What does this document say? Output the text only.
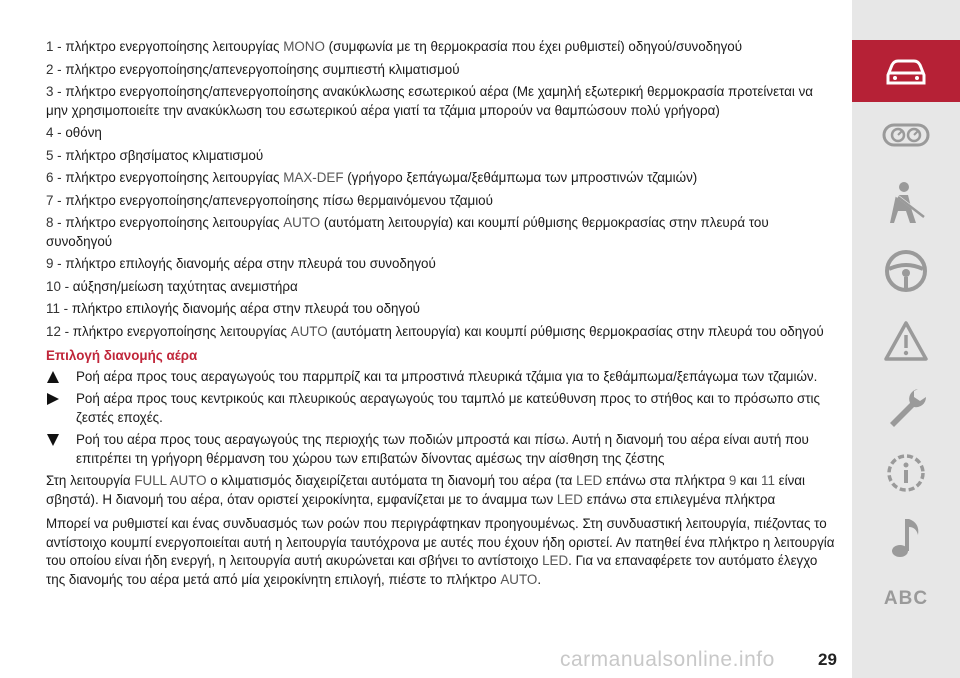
1 - πλήκτρο ενεργοποίησης λειτουργίας MONO (συμφωνία με τη θερμοκρασία που έχει ρυθμιστεί) οδηγού/συνοδηγού
2 - πλήκτρο ενεργοποίησης/απενεργοποίησης συμπιεστή κλιματισμού
3 - πλήκτρο ενεργοποίησης/απενεργοποίησης ανακύκλωσης εσωτερικού αέρα (Με χαμηλή εξωτερική θερμοκρασία προτείνεται να μην χρησιμοποιείτε την ανακύκλωση του εσωτερικού αέρα γιατί τα τζάμια μπορούν να θαμπώσουν πολύ γρήγορα)
4 - οθόνη
5 - πλήκτρο σβησίματος κλιματισμού
6 - πλήκτρο ενεργοποίησης λειτουργίας MAX-DEF (γρήγορο ξεπάγωμα/ξεθάμπωμα των μπροστινών τζαμιών)
7 - πλήκτρο ενεργοποίησης/απενεργοποίησης πίσω θερμαινόμενου τζαμιού
8 - πλήκτρο ενεργοποίησης λειτουργίας AUTO (αυτόματη λειτουργία) και κουμπί ρύθμισης θερμοκρασίας στην πλευρά του συνοδηγού
9 - πλήκτρο επιλογής διανομής αέρα στην πλευρά του συνοδηγού
10 - αύξηση/μείωση ταχύτητας ανεμιστήρα
11 - πλήκτρο επιλογής διανομής αέρα στην πλευρά του οδηγού
12 - πλήκτρο ενεργοποίησης λειτουργίας AUTO (αυτόματη λειτουργία) και κουμπί ρύθμισης θερμοκρασίας στην πλευρά του οδηγού
Επιλογή διανομής αέρα
Ροή αέρα προς τους αεραγωγούς του παρμπρίζ και τα μπροστινά πλευρικά τζάμια για το ξεθάμπωμα/ξεπάγωμα των τζαμιών.
Ροή αέρα προς τους κεντρικούς και πλευρικούς αεραγωγούς του ταμπλό με κατεύθυνση προς το στήθος και το πρόσωπο στις ζεστές εποχές.
Ροή του αέρα προς τους αεραγωγούς της περιοχής των ποδιών μπροστά και πίσω. Αυτή η διανομή του αέρα είναι αυτή που επιτρέπει τη γρήγορη θέρμανση του χώρου των επιβατών δίνοντας αμέσως την αίσθηση της ζέστης

Στη λειτουργία FULL AUTO ο κλιματισμός διαχειρίζεται αυτόματα τη διανομή του αέρα (τα LED επάνω στα πλήκτρα 9 και 11 είναι σβηστά). Η διανομή του αέρα, όταν οριστεί χειροκίνητα, εμφανίζεται με το άναμμα των LED επάνω στα επιλεγμένα πλήκτρα

Μπορεί να ρυθμιστεί και ένας συνδυασμός των ροών που περιγράφτηκαν προηγουμένως. Στη συνδυαστική λειτουργία, πιέζοντας το αντίστοιχο κουμπί ενεργοποιείται αυτή η λειτουργία ταυτόχρονα με αυτές που έχουν ήδη οριστεί. Αν πατηθεί ένα πλήκτρο η λειτουργία του οποίου είναι ήδη ενεργή, η λειτουργία αυτή ακυρώνεται και σβήνει το αντίστοιχο LED. Για να επαναφέρετε τον αυτόματο έλεγχο της διανομής του αέρα μετά από μία χειροκίνητη επιλογή, πιέστε το πλήκτρο AUTO.

ABC
carmanualsonline.info	29
